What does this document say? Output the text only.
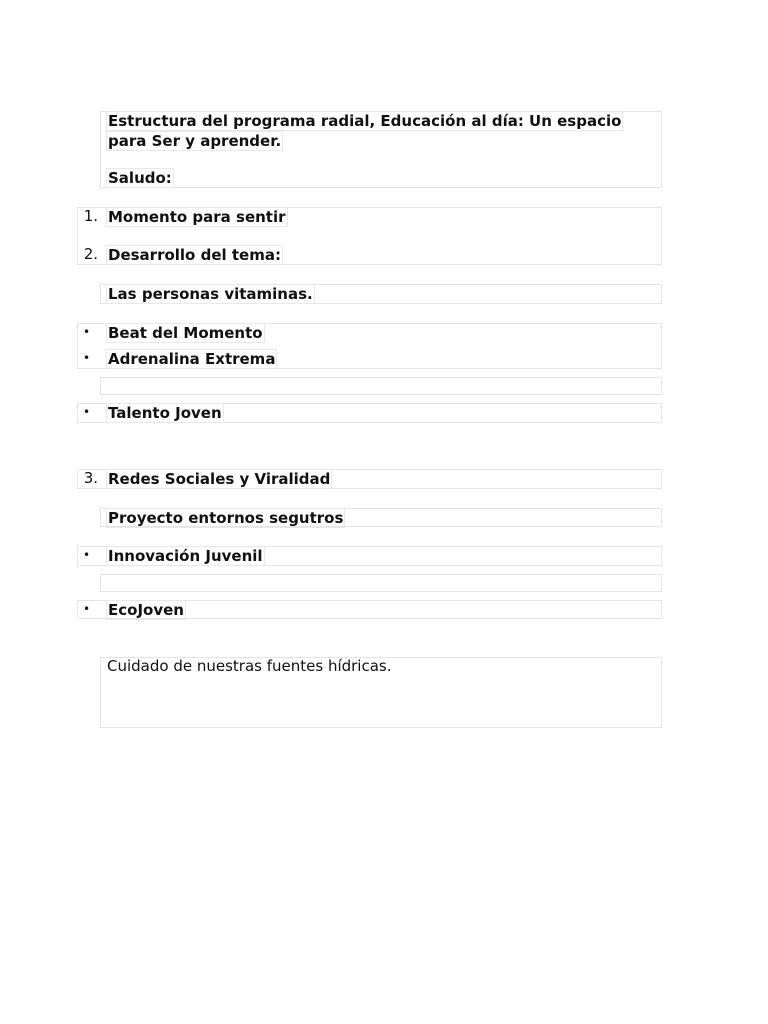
Estructura del programa radial, Educación al día: Un espacio
para Ser y aprender.
Saludo:
1. Momento para sentir
2. Desarrollo del tema:
Las personas vitaminas.
• Beat del Momento
• Adrenalina Extrema
• Talento Joven
3. Redes Sociales y Viralidad
Proyecto entornos segutros
• Innovación Juvenil
• EcoJoven
Cuidado de nuestras fuentes hídricas.
